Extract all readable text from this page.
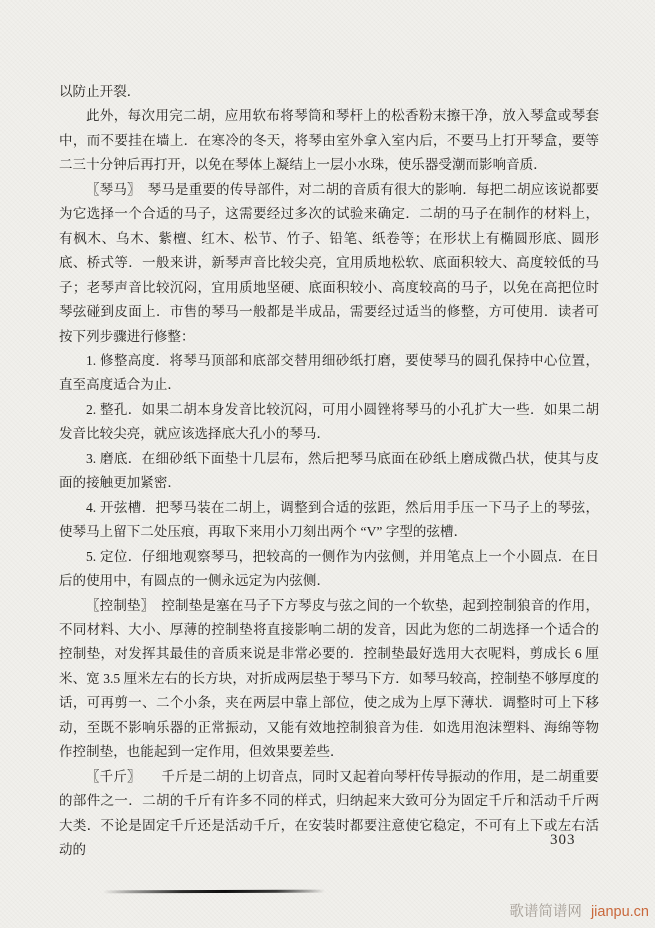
以防止开裂．

此外，每次用完二胡，应用软布将琴筒和琴杆上的松香粉末擦干净，放入琴盒或琴套中，而不要挂在墙上．在寒冷的冬天，将琴由室外拿入室内后，不要马上打开琴盒，要等二三十分钟后再打开，以免在琴体上凝结上一层小水珠，使乐器受潮而影响音质．

〖琴马〗　琴马是重要的传导部件，对二胡的音质有很大的影响．每把二胡应该说都要为它选择一个合适的马子，这需要经过多次的试验来确定．二胡的马子在制作的材料上，有枫木、乌木、紫檀、红木、松节、竹子、铅笔、纸卷等；在形状上有椭圆形底、圆形底、桥式等．一般来讲，新琴声音比较尖亮，宜用质地松软、底面积较大、高度较低的马子；老琴声音比较沉闷，宜用质地坚硬、底面积较小、高度较高的马子，以免在高把位时琴弦碰到皮面上．市售的琴马一般都是半成品，需要经过适当的修整，方可使用．读者可按下列步骤进行修整：

1. 修整高度．将琴马顶部和底部交替用细砂纸打磨，要使琴马的圆孔保持中心位置，直至高度适合为止．

2. 整孔．如果二胡本身发音比较沉闷，可用小圆锉将琴马的小孔扩大一些．如果二胡发音比较尖亮，就应该选择底大孔小的琴马．

3. 磨底．在细砂纸下面垫十几层布，然后把琴马底面在砂纸上磨成微凸状，使其与皮面的接触更加紧密．

4. 开弦槽．把琴马装在二胡上，调整到合适的弦距，然后用手压一下马子上的琴弦，使琴马上留下二处压痕，再取下来用小刀刻出两个 “V” 字型的弦槽．

5. 定位．仔细地观察琴马，把较高的一侧作为内弦侧，并用笔点上一个小圆点．在日后的使用中，有圆点的一侧永远定为内弦侧．

〖控制垫〗　控制垫是塞在马子下方琴皮与弦之间的一个软垫，起到控制狼音的作用，不同材料、大小、厚薄的控制垫将直接影响二胡的发音，因此为您的二胡选择一个适合的控制垫，对发挥其最佳的音质来说是非常必要的．控制垫最好选用大衣呢料，剪成长 6 厘米、宽 3.5 厘米左右的长方块，对折成两层垫于琴马下方．如琴马较高，控制垫不够厚度的话，可再剪一、二个小条，夹在两层中靠上部位，使之成为上厚下薄状．调整时可上下移动，至既不影响乐器的正常振动，又能有效地控制狼音为佳．如选用泡沫塑料、海绵等物作控制垫，也能起到一定作用，但效果要差些．

〖千斤〗　　千斤是二胡的上切音点，同时又起着向琴杆传导振动的作用，是二胡重要的部件之一．二胡的千斤有许多不同的样式，归纳起来大致可分为固定千斤和活动千斤两大类．不论是固定千斤还是活动千斤，在安装时都要注意使它稳定，不可有上下或左右活动的

303
歌谱简谱网 jianpu.cn
